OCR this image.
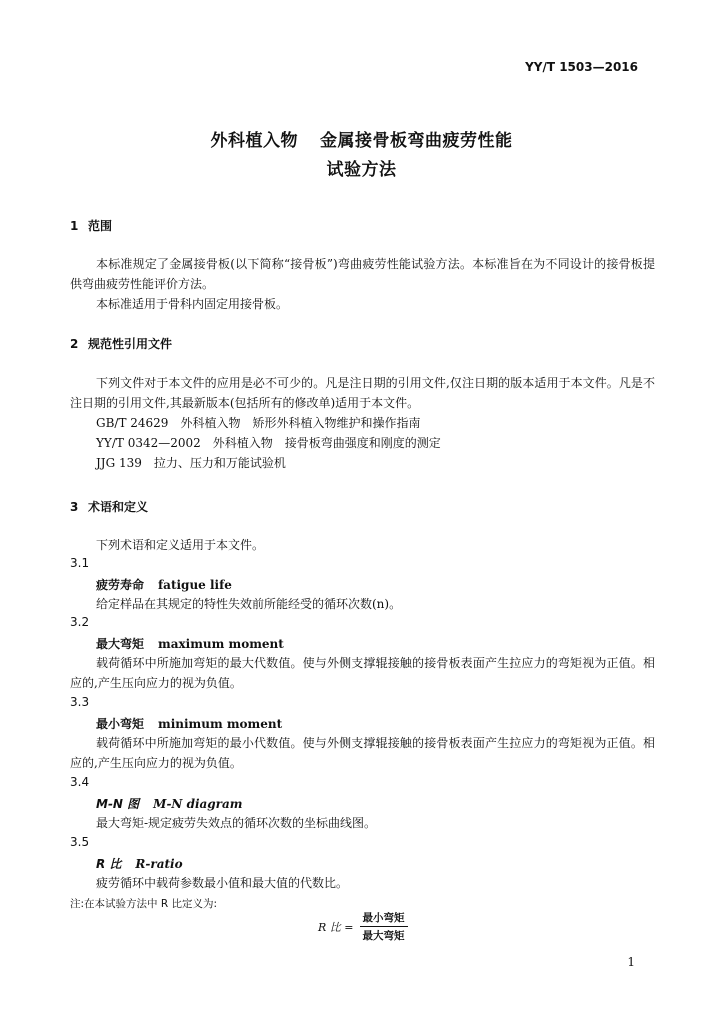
YY/T 1503—2016
外科植入物 金属接骨板弯曲疲劳性能
试验方法
1 范围

本标准规定了金属接骨板(以下简称“接骨板”)弯曲疲劳性能试验方法。本标准旨在为不同设计的接骨板提供弯曲疲劳性能评价方法。

本标准适用于骨科内固定用接骨板。

2 规范性引用文件

下列文件对于本文件的应用是必不可少的。凡是注日期的引用文件,仅注日期的版本适用于本文件。凡是不注日期的引用文件,其最新版本(包括所有的修改单)适用于本文件。

GB/T 24629　外科植入物　矫形外科植入物维护和操作指南

YY/T 0342—2002　外科植入物　接骨板弯曲强度和刚度的测定

JJG 139　拉力、压力和万能试验机

3 术语和定义

下列术语和定义适用于本文件。

3.1
疲劳寿命 fatigue life

给定样品在其规定的特性失效前所能经受的循环次数(n)。

3.2
最大弯矩 maximum moment

载荷循环中所施加弯矩的最大代数值。使与外侧支撑辊接触的接骨板表面产生拉应力的弯矩视为正值。相应的,产生压向应力的视为负值。

3.3
最小弯矩 minimum moment

载荷循环中所施加弯矩的最小代数值。使与外侧支撑辊接触的接骨板表面产生拉应力的弯矩视为正值。相应的,产生压向应力的视为负值。

3.4
M-N 图 M-N diagram

最大弯矩-规定疲劳失效点的循环次数的坐标曲线图。

3.5
R 比 R-ratio

疲劳循环中载荷参数最小值和最大值的代数比。

注:在本试验方法中 R 比定义为:
R 比 = $\frac{\text{最小弯矩}}{\text{最大弯矩}}$
1
